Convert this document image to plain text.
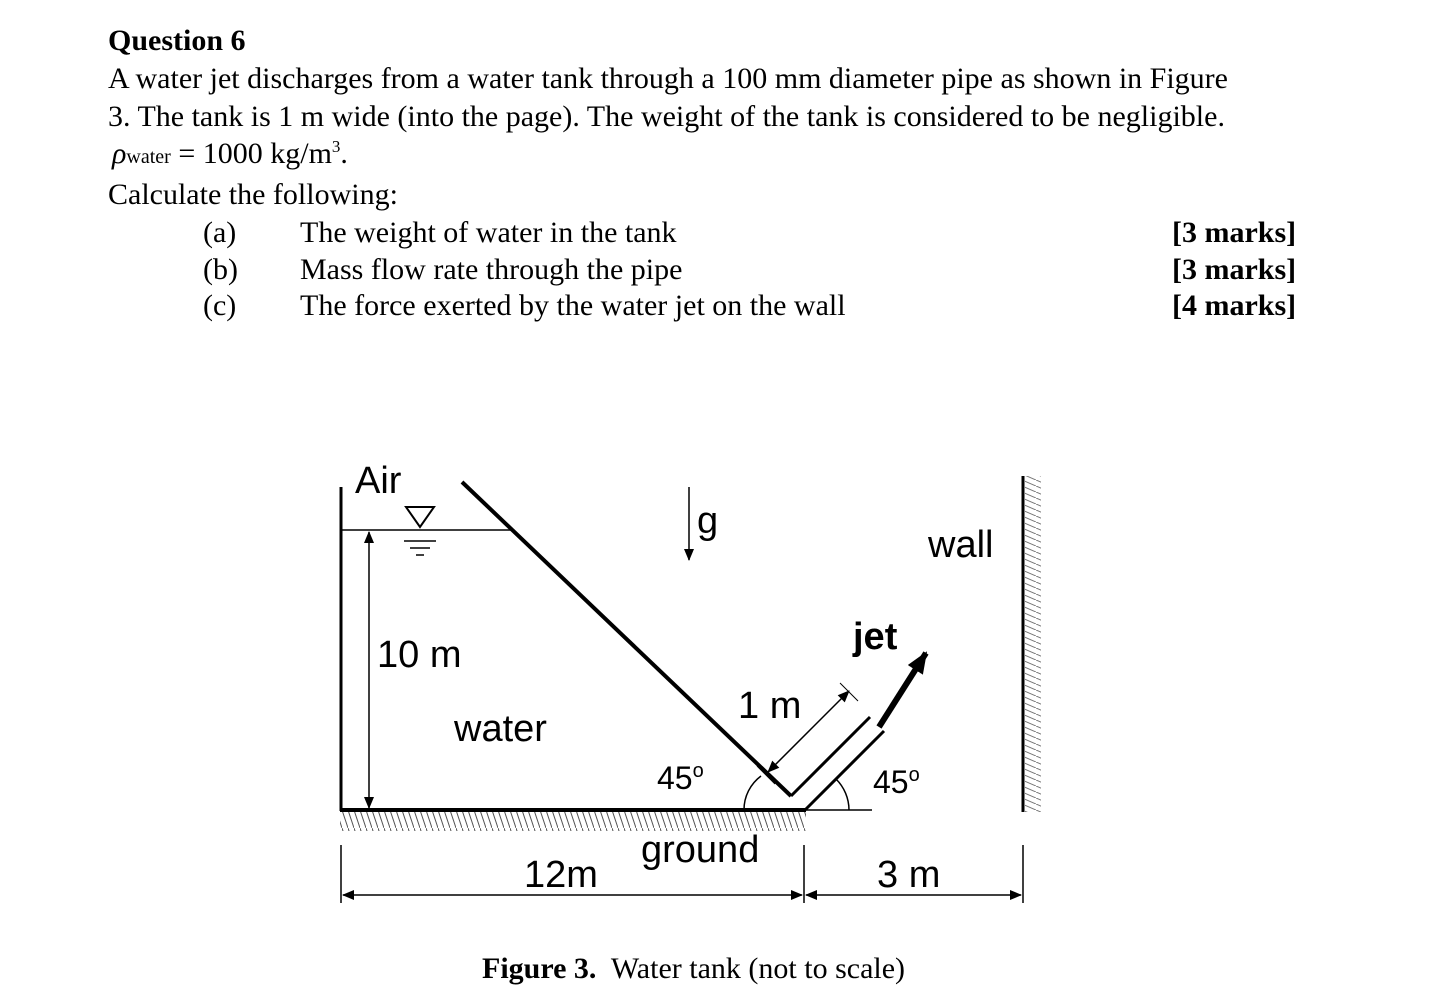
Question 6
A water jet discharges from a water tank through a 100 mm diameter pipe as shown in Figure
3. The tank is 1 m wide (into the page). The weight of the tank is considered to be negligible.
ρwater = 1000 $kg/m^3$.
Calculate the following:
(a) The weight of water in the tank	[3 marks]
(b) Mass flow rate through the pipe	[3 marks]
(c) The force exerted by the water jet on the wall	[4 marks]
Air
g
wall
10 m
water
jet
1 m
45$^o$	45$^o$
ground
12m	3 m
Figure 3.  Water tank (not to scale)
